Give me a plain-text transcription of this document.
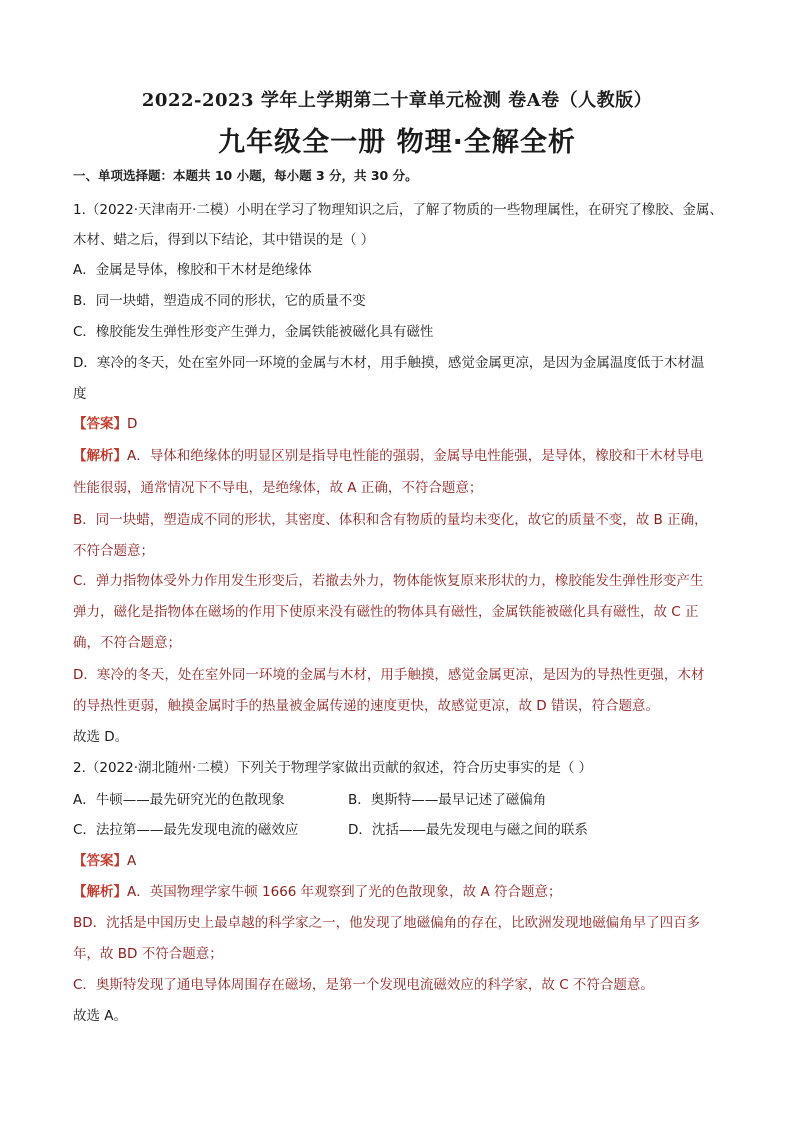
2022-2023 学年上学期第二十章单元检测 卷A卷（人教版）
九年级全一册 物理·全解全析
一、单项选择题：本题共 10 小题，每小题 3 分，共 30 分。
1.（2022·天津南开·二模）小明在学习了物理知识之后，了解了物质的一些物理属性，在研究了橡胶、金属、
木材、蜡之后，得到以下结论，其中错误的是（ ）
A．金属是导体，橡胶和干木材是绝缘体
B．同一块蜡，塑造成不同的形状，它的质量不变
C．橡胶能发生弹性形变产生弹力，金属铁能被磁化具有磁性
D．寒冷的冬天，处在室外同一环境的金属与木材，用手触摸，感觉金属更凉，是因为金属温度低于木材温
度
【答案】D
【解析】A．导体和绝缘体的明显区别是指导电性能的强弱，金属导电性能强，是导体，橡胶和干木材导电
性能很弱，通常情况下不导电，是绝缘体，故 A 正确，不符合题意；
B．同一块蜡，塑造成不同的形状，其密度、体积和含有物质的量均未变化，故它的质量不变，故 B 正确，
不符合题意；
C．弹力指物体受外力作用发生形变后，若撤去外力，物体能恢复原来形状的力，橡胶能发生弹性形变产生
弹力，磁化是指物体在磁场的作用下使原来没有磁性的物体具有磁性，金属铁能被磁化具有磁性，故 C 正
确，不符合题意；
D．寒冷的冬天，处在室外同一环境的金属与木材，用手触摸，感觉金属更凉，是因为的导热性更强，木材
的导热性更弱，触摸金属时手的热量被金属传递的速度更快，故感觉更凉，故 D 错误，符合题意。
故选 D。
2.（2022·湖北随州·二模）下列关于物理学家做出贡献的叙述，符合历史事实的是（ ）
A．牛顿——最先研究光的色散现象	B．奥斯特——最早记述了磁偏角
C．法拉第——最先发现电流的磁效应	D．沈括——最先发现电与磁之间的联系
【答案】A
【解析】A．英国物理学家牛顿 1666 年观察到了光的色散现象，故 A 符合题意；
BD．沈括是中国历史上最卓越的科学家之一，他发现了地磁偏角的存在，比欧洲发现地磁偏角早了四百多
年，故 BD 不符合题意；
C．奥斯特发现了通电导体周围存在磁场，是第一个发现电流磁效应的科学家，故 C 不符合题意。
故选 A。
